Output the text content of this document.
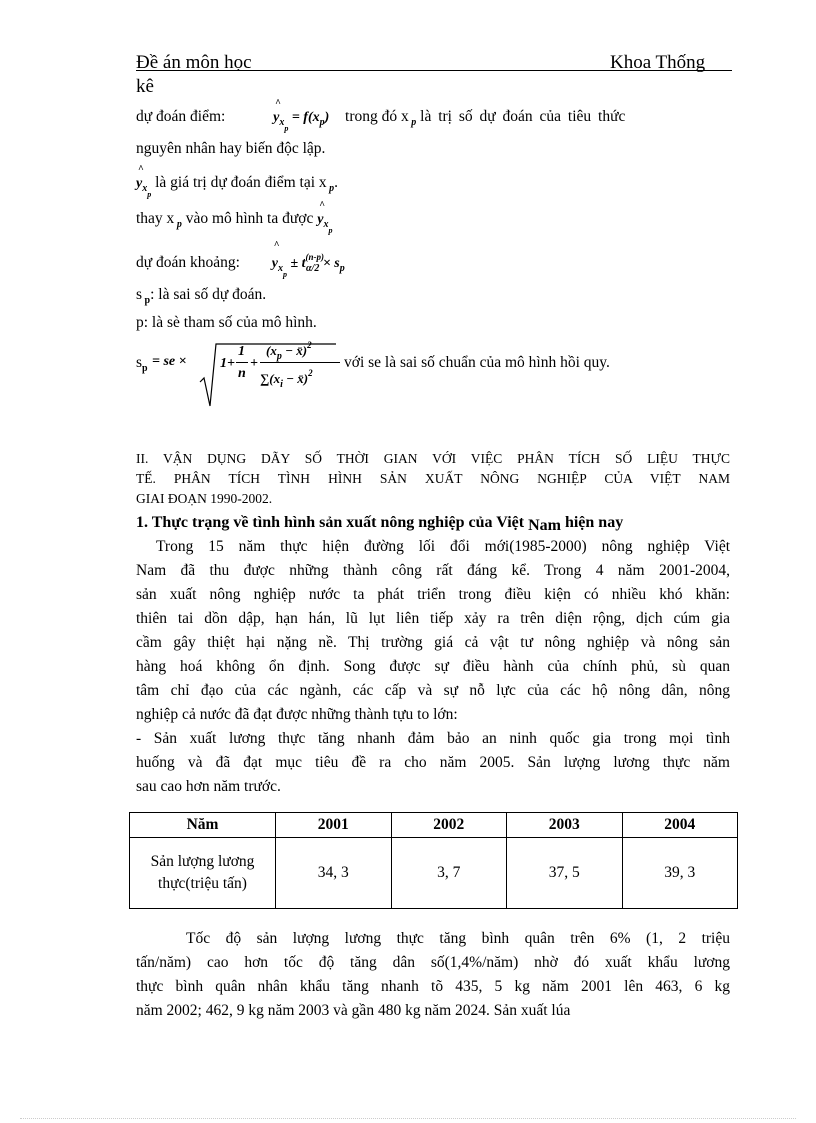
Đề án môn học	Khoa Thống
kê
dự đoán điểm:	^ $y_{x_p} = f(x_p)$ trong đó x $_p$ là trị số dự đoán của tiêu thức
nguyên nhân hay biến độc lập.
^ $y_{x_p}$ là giá trị dự đoán điểm tại x $_p$.
thay x $_p$ vào mô hình ta được ^ $y_{x_p}$
dự đoán khoảng: ^ $y_{x_p} \pm t^{(n-p)}_{\alpha/2} \times s_p$
s $_p$: là sai số dự đoán.
p: là sè tham số của mô hình.
$s_p$ = se × 1+
1
n
+
($x_p$ − x̄)$^2$
$\sum(x_i$ − x̄)$^2$
với se là sai số chuẩn của mô hình hồi quy.
II. VẬN DỤNG DÃY SỐ THỜI GIAN VỚI VIỆC PHÂN TÍCH SỐ LIỆU THỰC
TẾ. PHÂN TÍCH TÌNH HÌNH SẢN XUẤT NÔNG NGHIỆP CỦA VIỆT NAM
GIAI ĐOẠN 1990-2002.
1. Thực trạng về tình hình sản xuất nông nghiệp của Việt Nam hiện nay
Trong 15 năm thực hiện đường lối đổi mới(1985-2000) nông nghiệp Việt
Nam đã thu được những thành công rất đáng kể. Trong 4 năm 2001-2004,
sản xuất nông nghiệp nước ta phát triển trong điều kiện có nhiều khó khăn:
thiên tai dồn dập, hạn hán, lũ lụt liên tiếp xảy ra trên diện rộng, dịch cúm gia
cầm gây thiệt hại nặng nề. Thị trường giá cả vật tư nông nghiệp và nông sản
hàng hoá không ổn định. Song được sự điều hành của chính phủ, sù quan
tâm chỉ đạo của các ngành, các cấp và sự nỗ lực của các hộ nông dân, nông
nghiệp cả nước đã đạt được những thành tựu to lớn:
- Sản xuất lương thực tăng nhanh đảm bảo an ninh quốc gia trong mọi tình
huống và đã đạt mục tiêu đề ra cho năm 2005. Sản lượng lương thực năm
sau cao hơn năm trước.
Năm	2001	2002	2003	2004
Sản lượng lương thực(triệu tấn)	34, 3	3, 7	37, 5	39, 3
Tốc độ sản lượng lương thực tăng bình quân trên 6% (1, 2 triệu
tấn/năm) cao hơn tốc độ tăng dân số(1,4%/năm) nhờ đó xuất khẩu lương
thực bình quân nhân khẩu tăng nhanh tõ 435, 5 kg năm 2001 lên 463, 6 kg
năm 2002; 462, 9 kg năm 2003 và gần 480 kg năm 2024. Sản xuất lúa
